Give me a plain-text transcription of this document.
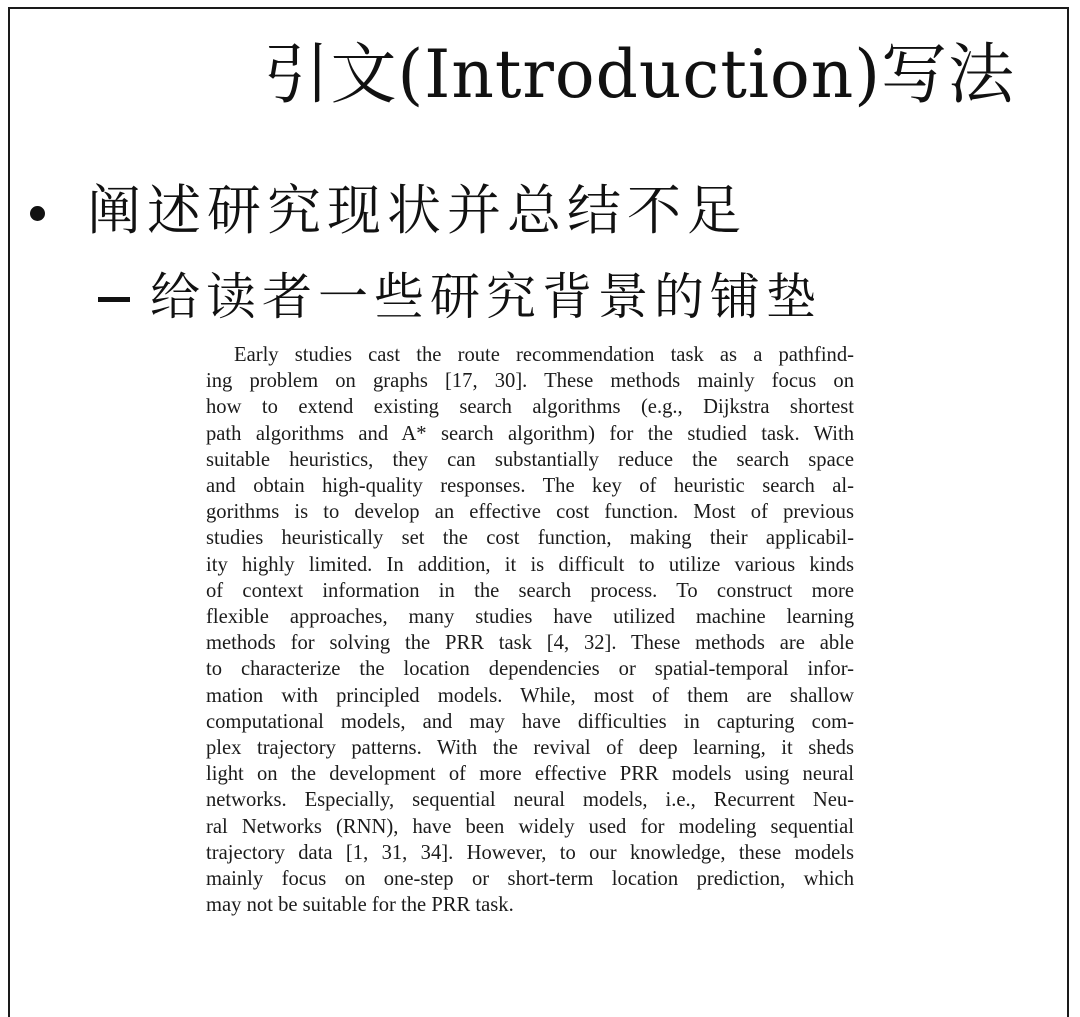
引文(Introduction)写法
阐述研究现状并总结不足
给读者一些研究背景的铺垫
Early studies cast the route recommendation task as a pathfind-
ing problem on graphs [17, 30]. These methods mainly focus on
how to extend existing search algorithms (e.g., Dijkstra shortest
path algorithms and A* search algorithm) for the studied task. With
suitable heuristics, they can substantially reduce the search space
and obtain high-quality responses. The key of heuristic search al-
gorithms is to develop an effective cost function. Most of previous
studies heuristically set the cost function, making their applicabil-
ity highly limited. In addition, it is difficult to utilize various kinds
of context information in the search process. To construct more
flexible approaches, many studies have utilized machine learning
methods for solving the PRR task [4, 32]. These methods are able
to characterize the location dependencies or spatial-temporal infor-
mation with principled models. While, most of them are shallow
computational models, and may have difficulties in capturing com-
plex trajectory patterns. With the revival of deep learning, it sheds
light on the development of more effective PRR models using neural
networks. Especially, sequential neural models, i.e., Recurrent Neu-
ral Networks (RNN), have been widely used for modeling sequential
trajectory data [1, 31, 34]. However, to our knowledge, these models
mainly focus on one-step or short-term location prediction, which
may not be suitable for the PRR task.
